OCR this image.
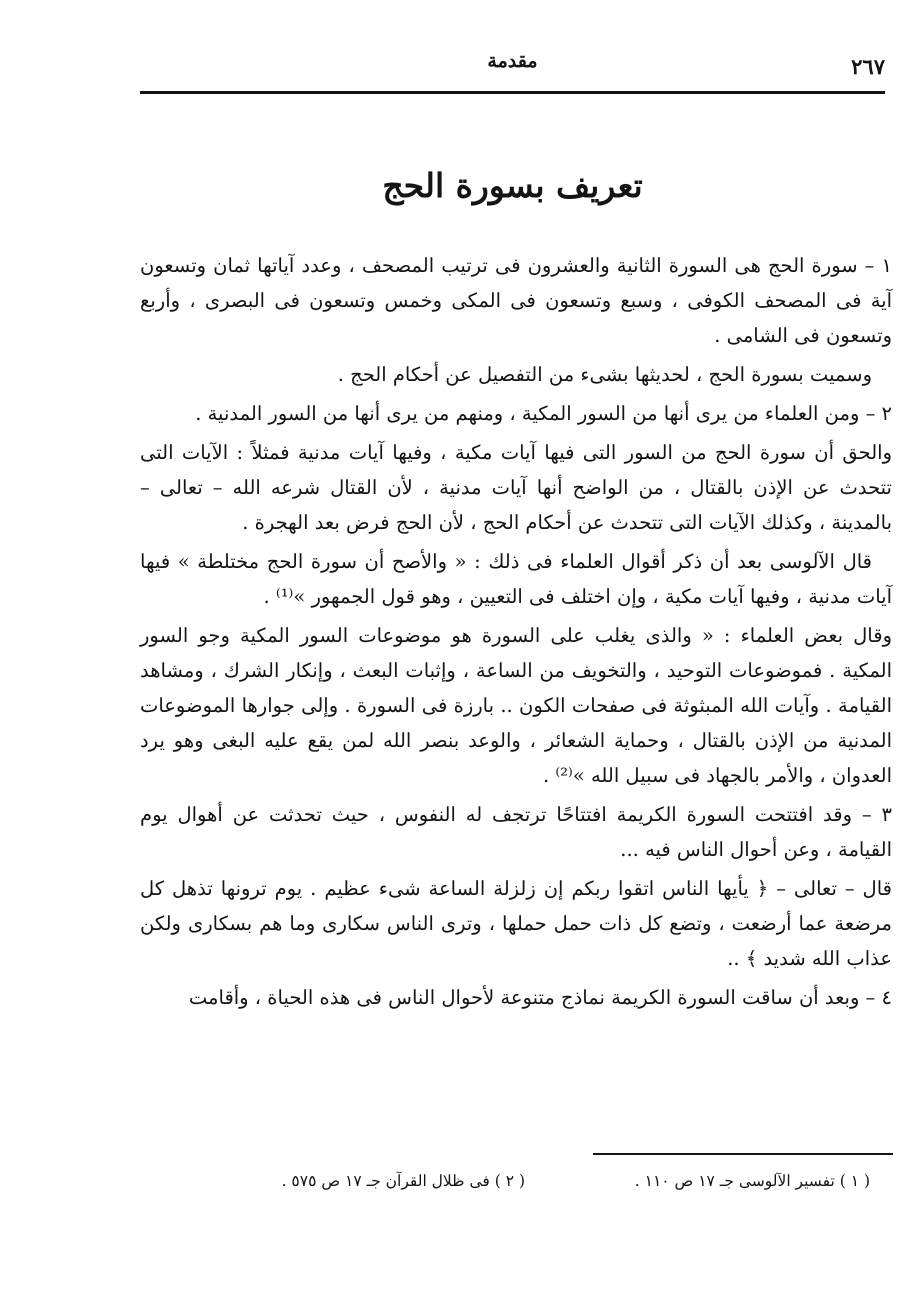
٢٦٧
مقدمة
تعريف بسورة الحج

١ – سورة الحج هى السورة الثانية والعشرون فى ترتيب المصحف ، وعدد آياتها ثمان وتسعون آية فى المصحف الكوفى ، وسبع وتسعون فى المكى وخمس وتسعون فى البصرى ، وأربع وتسعون فى الشامى .

وسميت بسورة الحج ، لحديثها بشىء من التفصيل عن أحكام الحج .

٢ – ومن العلماء من يرى أنها من السور المكية ، ومنهم من يرى أنها من السور المدنية .

والحق أن سورة الحج من السور التى فيها آيات مكية ، وفيها آيات مدنية فمثلاً : الآيات التى تتحدث عن الإذن بالقتال ، من الواضح أنها آيات مدنية ، لأن القتال شرعه الله – تعالى – بالمدينة ، وكذلك الآيات التى تتحدث عن أحكام الحج ، لأن الحج فرض بعد الهجرة .

قال الآلوسى بعد أن ذكر أقوال العلماء فى ذلك : « والأصح أن سورة الحج مختلطة » فيها آيات مدنية ، وفيها آيات مكية ، وإن اختلف فى التعيين ، وهو قول الجمهور »⁽¹⁾ .

وقال بعض العلماء : « والذى يغلب على السورة هو موضوعات السور المكية وجو السور المكية . فموضوعات التوحيد ، والتخويف من الساعة ، وإثبات البعث ، وإنكار الشرك ، ومشاهد القيامة . وآيات الله المبثوثة فى صفحات الكون .. بارزة فى السورة . وإلى جوارها الموضوعات المدنية من الإذن بالقتال ، وحماية الشعائر ، والوعد بنصر الله لمن يقع عليه البغى وهو يرد العدوان ، والأمر بالجهاد فى سبيل الله »⁽²⁾ .

٣ – وقد افتتحت السورة الكريمة افتتاحًا ترتجف له النفوس ، حيث تحدثت عن أهوال يوم القيامة ، وعن أحوال الناس فيه ...

قال – تعالى – ﴿ يأيها الناس اتقوا ربكم إن زلزلة الساعة شىء عظيم . يوم ترونها تذهل كل مرضعة عما أرضعت ، وتضع كل ذات حمل حملها ، وترى الناس سكارى وما هم بسكارى ولكن عذاب الله شديد ﴾ ..

٤ – وبعد أن ساقت السورة الكريمة نماذج متنوعة لأحوال الناس فى هذه الحياة ، وأقامت

( ١ ) تفسير الآلوسى جـ ١٧ ص ١١٠ .
( ٢ ) فى ظلال القرآن جـ ١٧ ص ٥٧٥ .
